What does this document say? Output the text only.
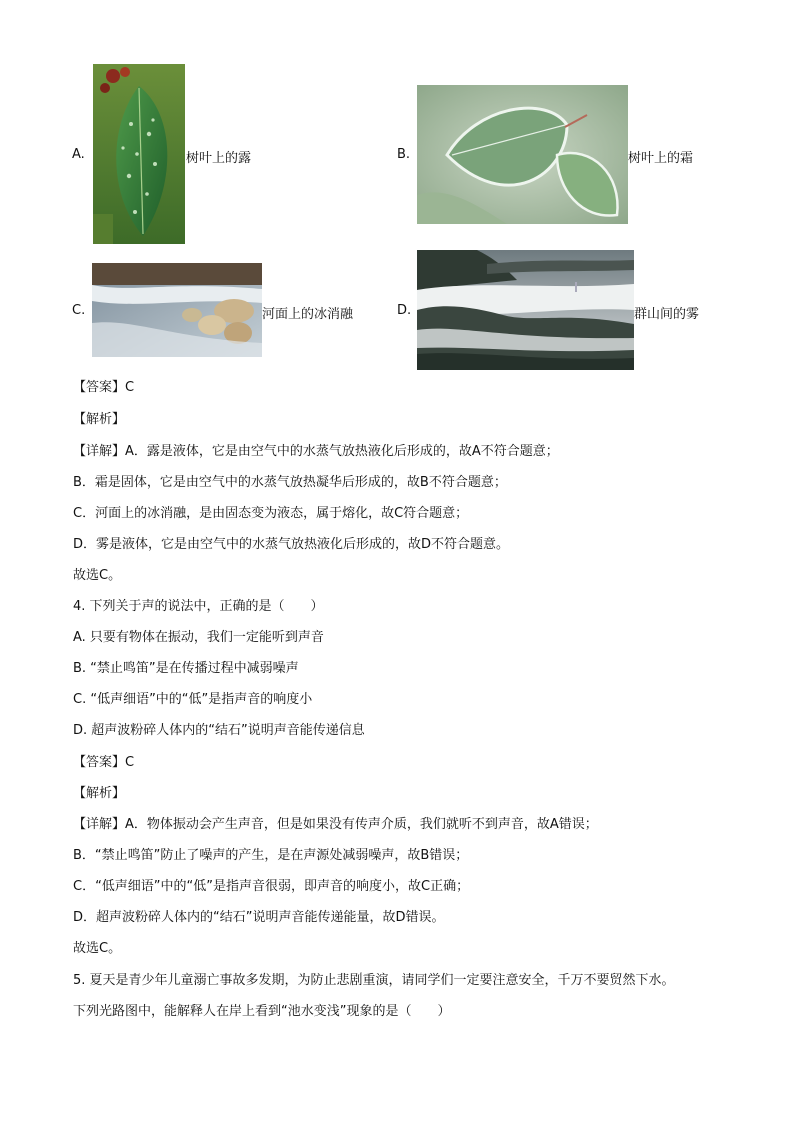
A.	树叶上的露	B.	树叶上的霜
C.	河面上的冰消融	D.	群山间的雾
【答案】C
【解析】
【详解】A．露是液体，它是由空气中的水蒸气放热液化后形成的，故A不符合题意；
B．霜是固体，它是由空气中的水蒸气放热凝华后形成的，故B不符合题意；
C．河面上的冰消融，是由固态变为液态，属于熔化，故C符合题意；
D．雾是液体，它是由空气中的水蒸气放热液化后形成的，故D不符合题意。
故选C。
4. 下列关于声的说法中，正确的是（　　）
A. 只要有物体在振动，我们一定能听到声音
B. “禁止鸣笛”是在传播过程中减弱噪声
C. “低声细语”中的“低”是指声音的响度小
D. 超声波粉碎人体内的“结石”说明声音能传递信息
【答案】C
【解析】
【详解】A．物体振动会产生声音，但是如果没有传声介质，我们就听不到声音，故A错误；
B．“禁止鸣笛”防止了噪声的产生，是在声源处减弱噪声，故B错误；
C．“低声细语”中的“低”是指声音很弱，即声音的响度小，故C正确；
D．超声波粉碎人体内的“结石”说明声音能传递能量，故D错误。
故选C。
5. 夏天是青少年儿童溺亡事故多发期，为防止悲剧重演，请同学们一定要注意安全，千万不要贸然下水。
下列光路图中，能解释人在岸上看到“池水变浅”现象的是（　　）
